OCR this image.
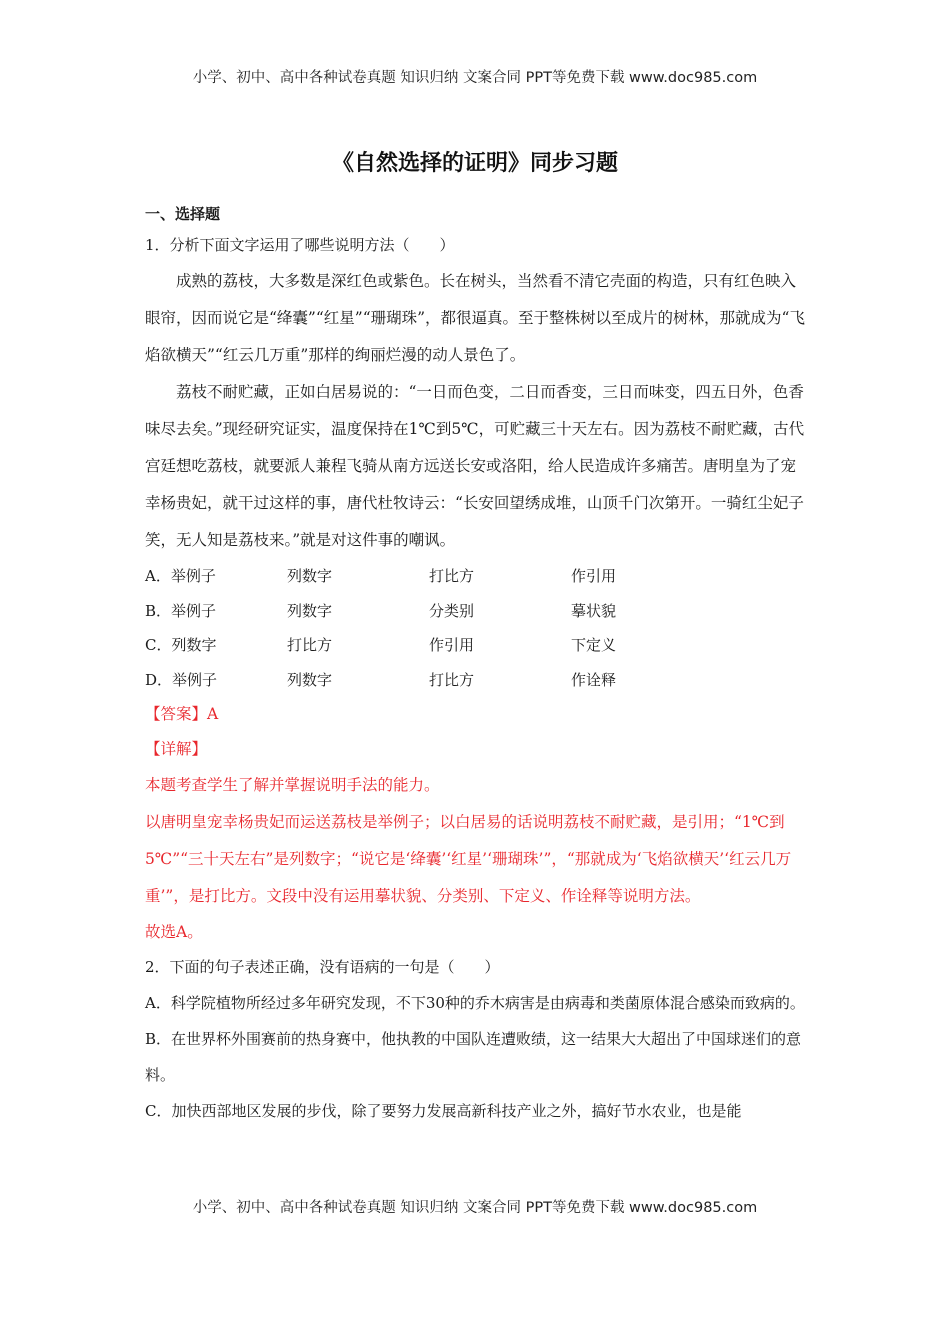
小学、初中、高中各种试卷真题 知识归纳 文案合同 PPT等免费下载 www.doc985.com
《自然选择的证明》同步习题
一、选择题
1．分析下面文字运用了哪些说明方法（　　）
成熟的荔枝，大多数是深红色或紫色。长在树头，当然看不清它壳面的构造，只有红色映入眼帘，因而说它是“绛囊”“红星”“珊瑚珠”，都很逼真。至于整株树以至成片的树林，那就成为“飞焰欲横天”“红云几万重”那样的绚丽烂漫的动人景色了。
荔枝不耐贮藏，正如白居易说的：“一日而色变，二日而香变，三日而味变，四五日外，色香味尽去矣。”现经研究证实，温度保持在1℃到5℃，可贮藏三十天左右。因为荔枝不耐贮藏，古代宫廷想吃荔枝，就要派人兼程飞骑从南方远送长安或洛阳，给人民造成许多痛苦。唐明皇为了宠幸杨贵妃，就干过这样的事，唐代杜牧诗云：“长安回望绣成堆，山顶千门次第开。一骑红尘妃子笑，无人知是荔枝来。”就是对这件事的嘲讽。
A．举例子	列数字	打比方	作引用
B．举例子	列数字	分类别	摹状貌
C．列数字	打比方	作引用	下定义
D．举例子	列数字	打比方	作诠释
【答案】A
【详解】
本题考查学生了解并掌握说明手法的能力。
以唐明皇宠幸杨贵妃而运送荔枝是举例子；以白居易的话说明荔枝不耐贮藏，是引用；“1℃到5℃”“三十天左右”是列数字；“说它是‘绛囊’‘红星’‘珊瑚珠’”，“那就成为‘飞焰欲横天’‘红云几万重’”，是打比方。文段中没有运用摹状貌、分类别、下定义、作诠释等说明方法。
故选A。
2．下面的句子表述正确，没有语病的一句是（　　）
A．科学院植物所经过多年研究发现，不下30种的乔木病害是由病毒和类菌原体混合感染而致病的。
B．在世界杯外围赛前的热身赛中，他执教的中国队连遭败绩，这一结果大大超出了中国球迷们的意料。
C．加快西部地区发展的步伐，除了要努力发展高新科技产业之外，搞好节水农业，也是能
小学、初中、高中各种试卷真题 知识归纳 文案合同 PPT等免费下载 www.doc985.com
